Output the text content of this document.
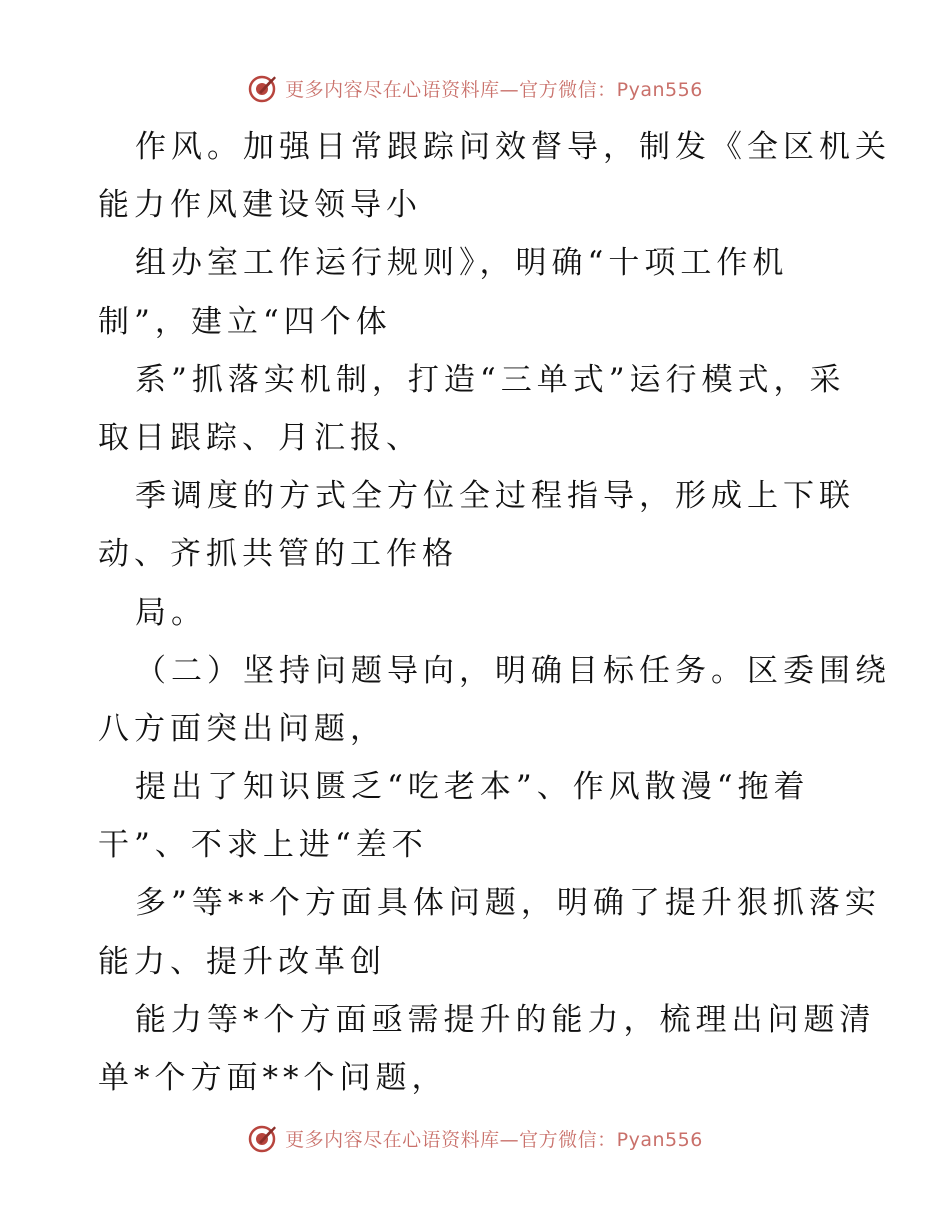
更多内容尽在心语资料库—官方微信：Pyan556
作风。加强日常跟踪问效督导，制发《全区机关
能力作风建设领导小
组办室工作运行规则》，明确“十项工作机
制”，建立“四个体
系”抓落实机制，打造“三单式”运行模式，采
取日跟踪、月汇报、
季调度的方式全方位全过程指导，形成上下联
动、齐抓共管的工作格
局。
（二）坚持问题导向，明确目标任务。区委围绕
八方面突出问题，
提出了知识匮乏“吃老本”、作风散漫“拖着
干”、不求上进“差不
多”等**个方面具体问题，明确了提升狠抓落实
能力、提升改革创
能力等*个方面亟需提升的能力，梳理出问题清
单*个方面**个问题，
更多内容尽在心语资料库—官方微信：Pyan556
